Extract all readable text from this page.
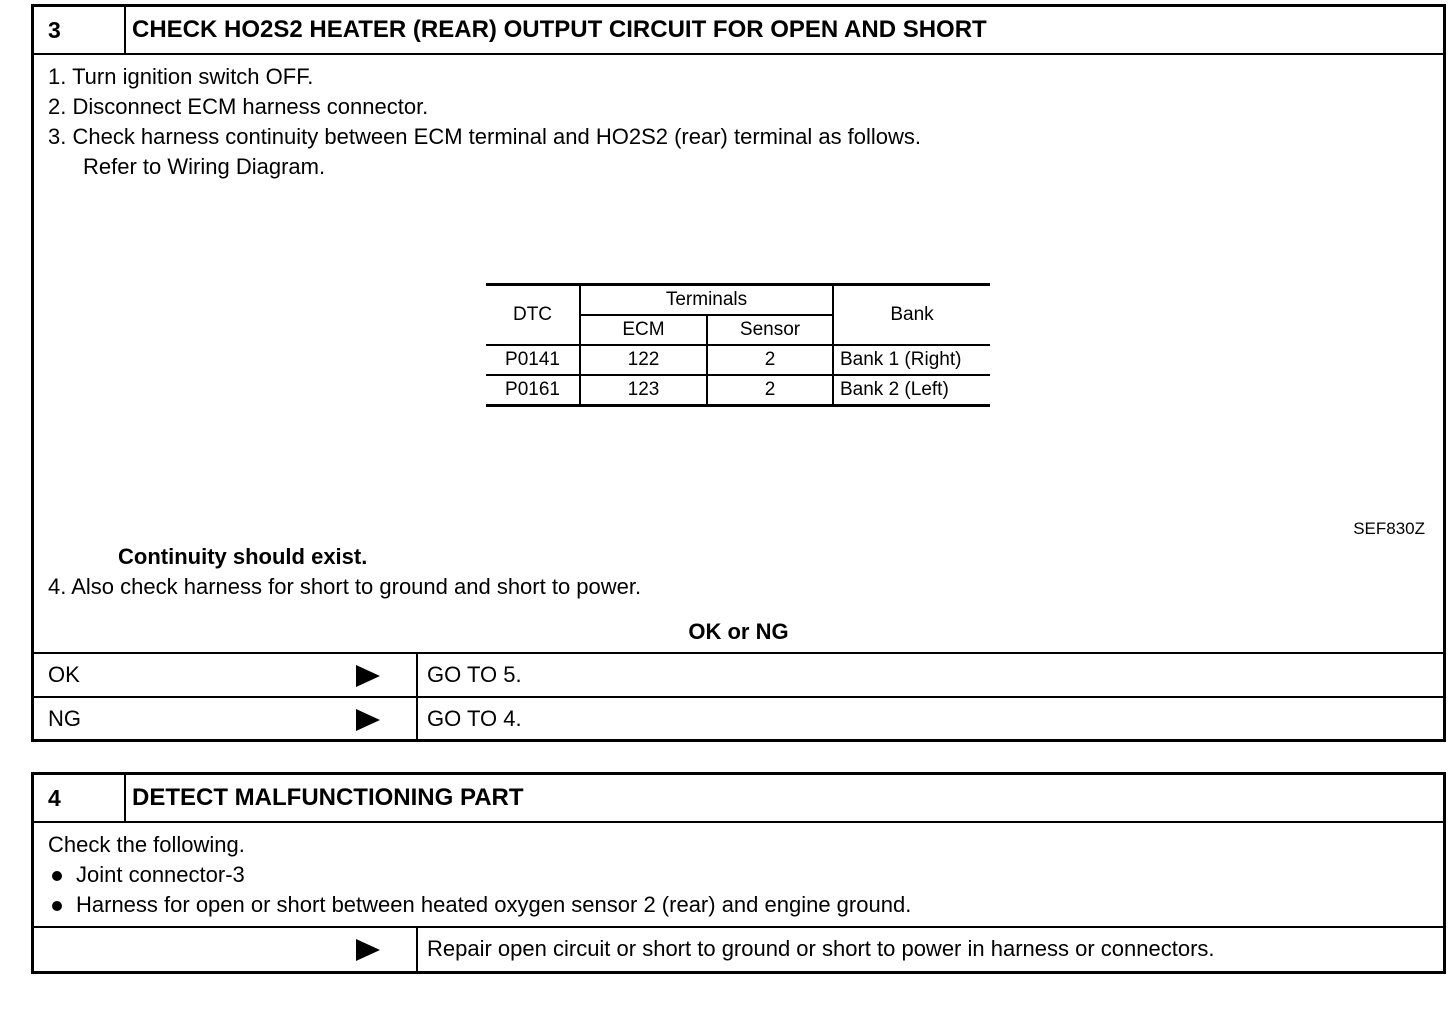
3	CHECK HO2S2 HEATER (REAR) OUTPUT CIRCUIT FOR OPEN AND SHORT
1. Turn ignition switch OFF.
2. Disconnect ECM harness connector.
3. Check harness continuity between ECM terminal and HO2S2 (rear) terminal as follows.
Refer to Wiring Diagram.
DTC	Terminals		Bank
	ECM	Sensor	
P0141	122	2	Bank 1 (Right)
P0161	123	2	Bank 2 (Left)
SEF830Z
Continuity should exist.
4. Also check harness for short to ground and short to power.
OK or NG
OK	GO TO 5.
NG	GO TO 4.
4	DETECT MALFUNCTIONING PART
Check the following.
Joint connector-3
Harness for open or short between heated oxygen sensor 2 (rear) and engine ground.
Repair open circuit or short to ground or short to power in harness or connectors.
